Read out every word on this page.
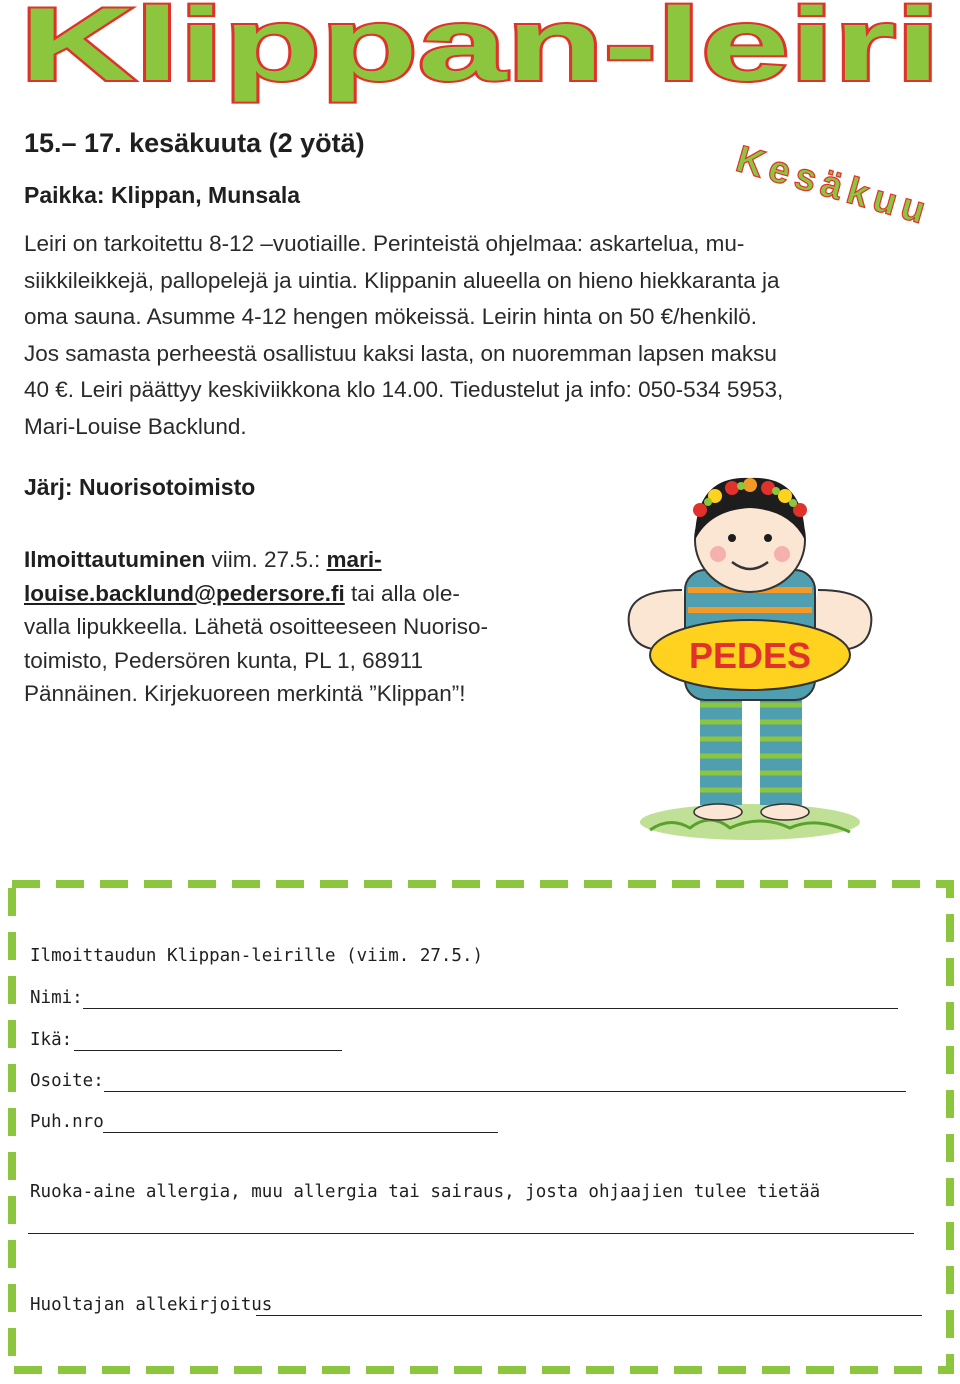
Klippan-leiri
Kesäkuu
15.– 17. kesäkuuta (2 yötä)
Paikka: Klippan, Munsala

Leiri on tarkoitettu 8-12 –vuotiaille. Perinteistä ohjelmaa: askartelua, mu-

siikkileikkejä, pallopelejä ja uintia. Klippanin alueella on hieno hiekkaranta ja

oma sauna. Asumme 4-12 hengen mökeissä. Leirin hinta on 50 €/henkilö.

Jos samasta perheestä osallistuu kaksi lasta, on nuoremman lapsen maksu

40 €. Leiri päättyy keskiviikkona klo 14.00. Tiedustelut ja info: 050-534 5953,

Mari-Louise Backlund.

Järj: Nuorisotoimisto

Ilmoittautuminen viim. 27.5.: mari-

louise.backlund@pedersore.fi tai alla ole-

valla lipukkeella. Lähetä osoitteeseen Nuoriso-

toimisto, Pedersören kunta, PL 1, 68911

Pännäinen. Kirjekuoreen merkintä ”Klippan”!

PEDES
Ilmoittaudun Klippan-leirille (viim. 27.5.)
Nimi:
Ikä:
Osoite:
Puh.nro
Ruoka-aine allergia, muu allergia tai sairaus, josta ohjaajien tulee tietää
Huoltajan allekirjoitus
